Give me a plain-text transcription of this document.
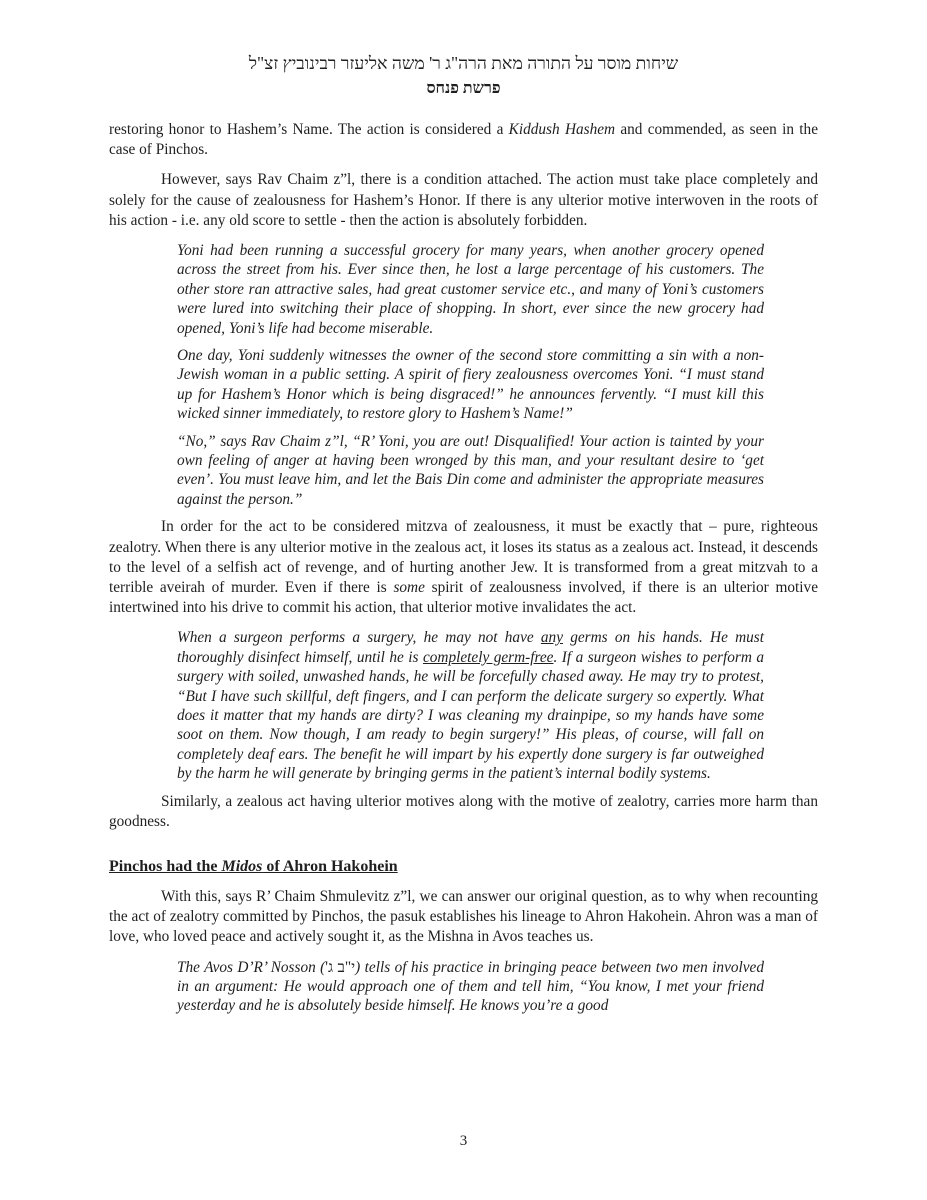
שיחות מוסר על התורה מאת הרה"ג ר' משה אליעזר רבינוביץ זצ"ל
פרשת פנחס

restoring honor to Hashem’s Name. The action is considered a Kiddush Hashem and commended, as seen in the case of Pinchos.

However, says Rav Chaim z”l, there is a condition attached. The action must take place completely and solely for the cause of zealousness for Hashem’s Honor. If there is any ulterior motive interwoven in the roots of his action - i.e. any old score to settle - then the action is absolutely forbidden.

Yoni had been running a successful grocery for many years, when another grocery opened across the street from his. Ever since then, he lost a large percentage of his customers. The other store ran attractive sales, had great customer service etc., and many of Yoni’s customers were lured into switching their place of shopping. In short, ever since the new grocery had opened, Yoni’s life had become miserable.

One day, Yoni suddenly witnesses the owner of the second store committing a sin with a non- Jewish woman in a public setting. A spirit of fiery zealousness overcomes Yoni. “I must stand up for Hashem’s Honor which is being disgraced!” he announces fervently. “I must kill this wicked sinner immediately, to restore glory to Hashem’s Name!”

“No,” says Rav Chaim z”l, “R’ Yoni, you are out! Disqualified! Your action is tainted by your own feeling of anger at having been wronged by this man, and your resultant desire to ‘get even’. You must leave him, and let the Bais Din come and administer the appropriate measures against the person.”

In order for the act to be considered mitzva of zealousness, it must be exactly that – pure, righteous zealotry. When there is any ulterior motive in the zealous act, it loses its status as a zealous act. Instead, it descends to the level of a selfish act of revenge, and of hurting another Jew. It is transformed from a great mitzvah to a terrible aveirah of murder. Even if there is some spirit of zealousness involved, if there is an ulterior motive intertwined into his drive to commit his action, that ulterior motive invalidates the act.

When a surgeon performs a surgery, he may not have any germs on his hands. He must thoroughly disinfect himself, until he is completely germ-free. If a surgeon wishes to perform a surgery with soiled, unwashed hands, he will be forcefully chased away. He may try to protest, “But I have such skillful, deft fingers, and I can perform the delicate surgery so expertly. What does it matter that my hands are dirty? I was cleaning my drainpipe, so my hands have some soot on them. Now though, I am ready to begin surgery!” His pleas, of course, will fall on completely deaf ears. The benefit he will impart by his expertly done surgery is far outweighed by the harm he will generate by bringing germs in the patient’s internal bodily systems.

Similarly, a zealous act having ulterior motives along with the motive of zealotry, carries more harm than goodness.

Pinchos had the Midos of Ahron Hakohein

With this, says R’ Chaim Shmulevitz z”l, we can answer our original question, as to why when recounting the act of zealotry committed by Pinchos, the pasuk establishes his lineage to Ahron Hakohein. Ahron was a man of love, who loved peace and actively sought it, as the Mishna in Avos teaches us.

The Avos D’R’ Nosson (י"ב ג') tells of his practice in bringing peace between two men involved in an argument: He would approach one of them and tell him, “You know, I met your friend yesterday and he is absolutely beside himself. He knows you’re a good

3
